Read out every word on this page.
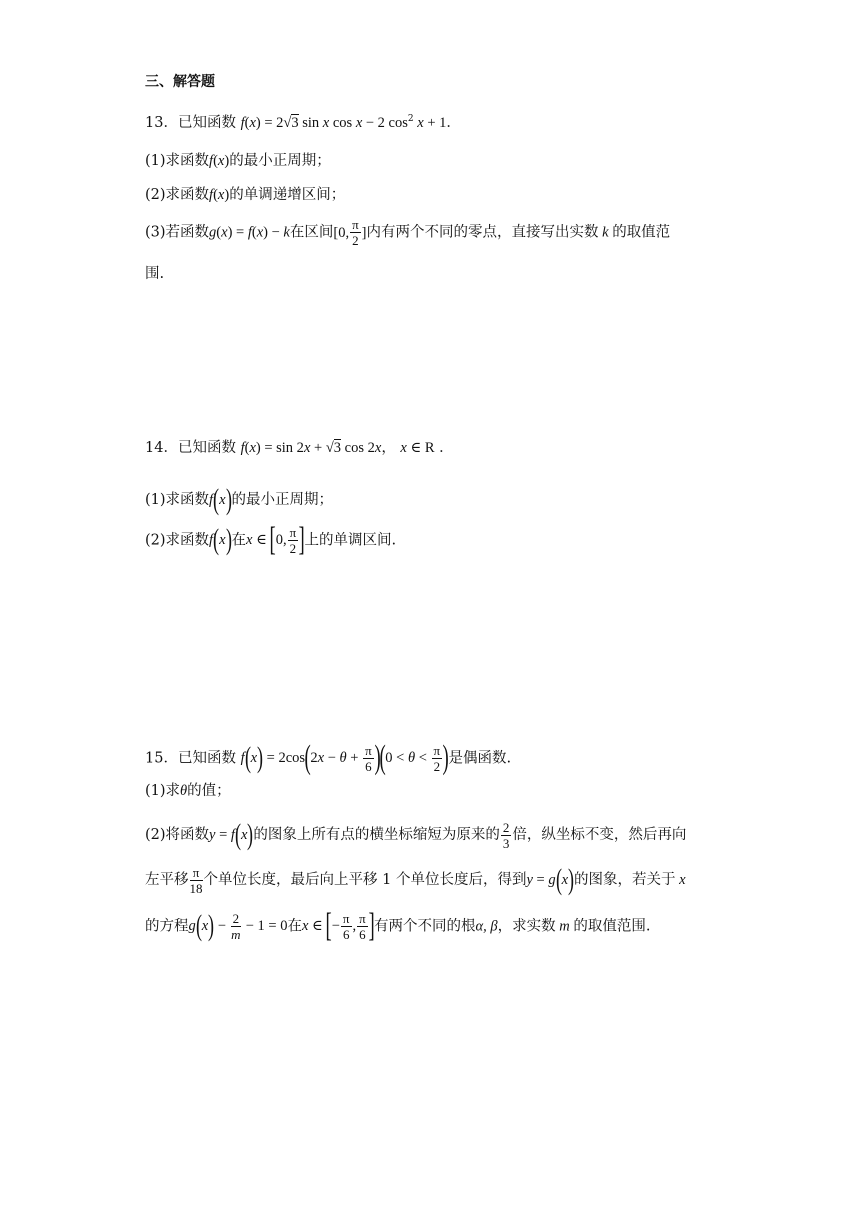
三、解答题
13．已知函数 f(x) = 2√3 sin x cos x − 2 $\cos^2 x + 1$．
(1)求函数f(x)的最小正周期；
(2)求函数f(x)的单调递增区间；
(3)若函数g(x) = f(x) − k在区间[0, $\frac{\pi}{2}$ ]内有两个不同的零点，直接写出实数 k 的取值范
围.
14．已知函数 f(x) = sin 2x + √3 cos 2x， x ∈ R ．
(1)求函数f(x)的最小正周期；
(2)求函数f(x)在x ∈ [0, $\frac{\pi}{2}$ ]上的单调区间.
15．已知函数 $f(x) = 2\cos(2x - \theta + \frac{\pi}{6} )(0 < \theta < \frac{\pi}{2}$ )是偶函数.
(1)求θ的值；
(2)将函数y = f(x)的图象上所有点的横坐标缩短为原来的 $\frac{2}{3}$ 倍，纵坐标不变，然后再向
左平移 $\frac{\pi}{18}$ 个单位长度，最后向上平移 1 个单位长度后，得到y = g(x)的图象，若关于 x
的方程$g(x) - \frac{2}{m} - 1 = 0$在x ∈ [− $\frac{\pi}{6}$ , $\frac{\pi}{6}$ ]有两个不同的根α, β，求实数 m 的取值范围.
